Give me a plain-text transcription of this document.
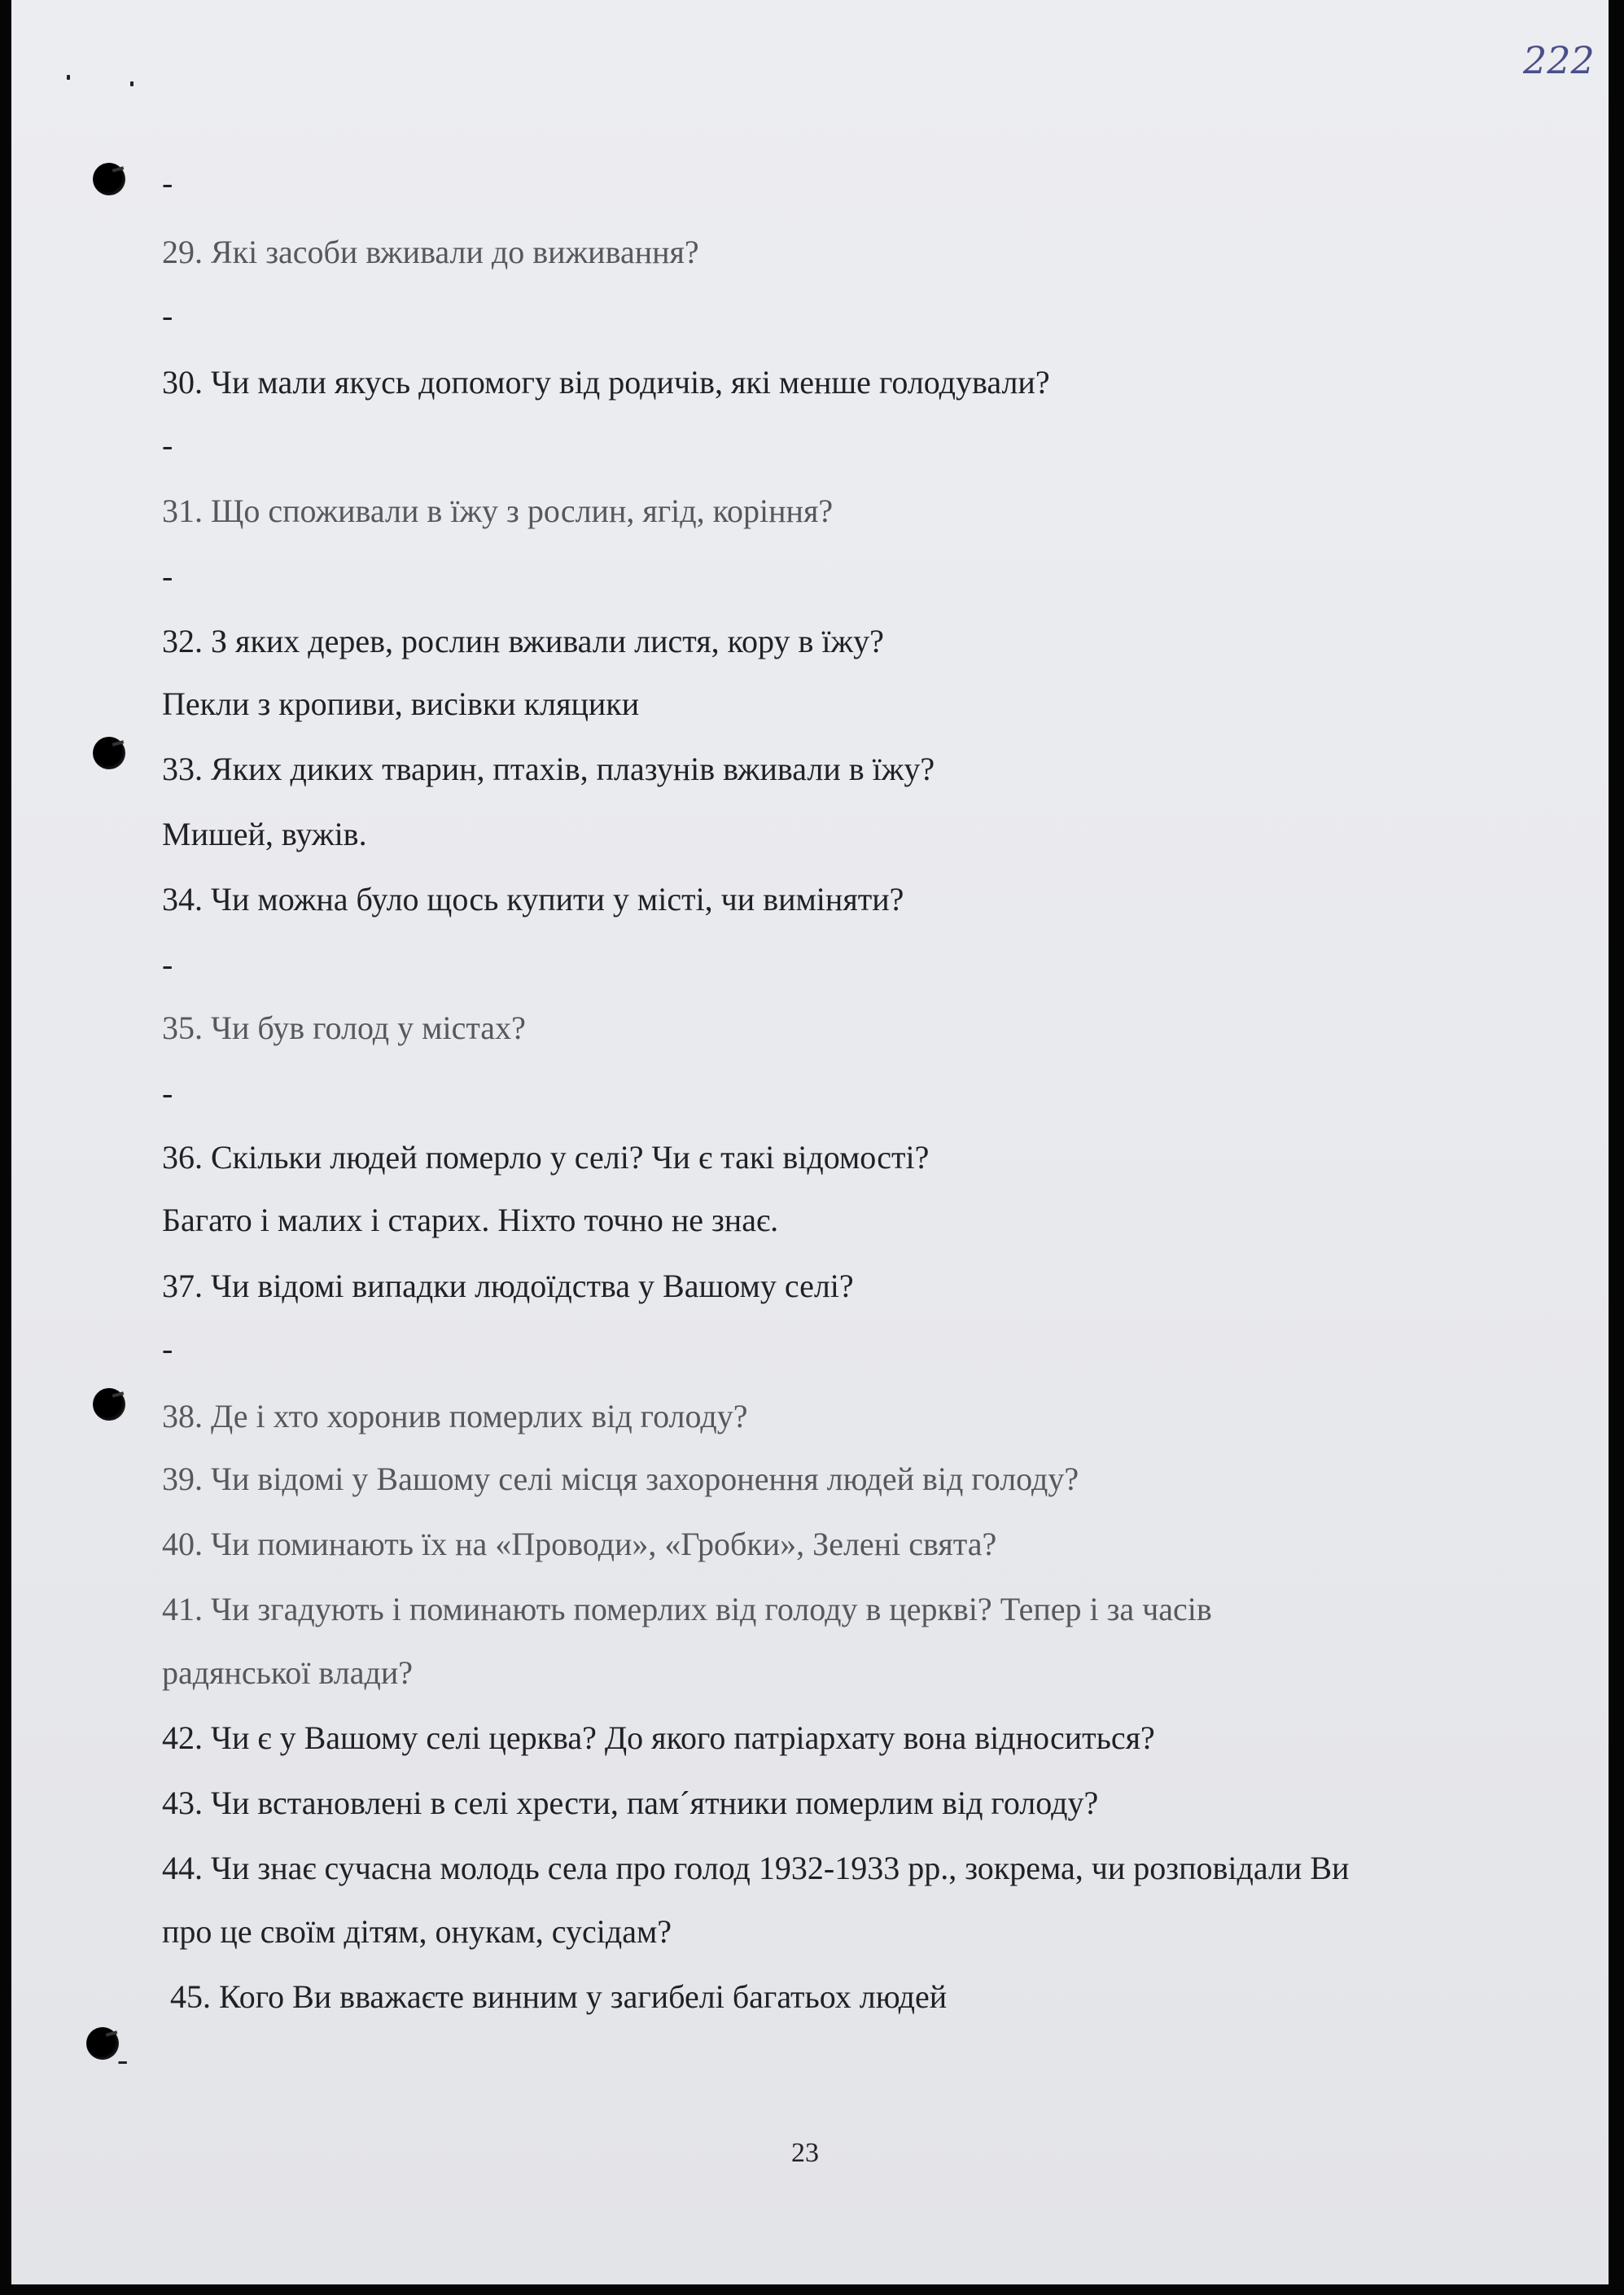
222
-
29. Які засоби вживали до виживання?
-
30. Чи мали якусь допомогу від родичів, які менше голодували?
-
31. Що споживали в їжу з рослин, ягід, коріння?
-
32. З яких дерев, рослин вживали листя, кору в їжу?
Пекли з кропиви, висівки кляцики
33. Яких диких тварин, птахів, плазунів вживали в їжу?
Мишей, вужів.
34. Чи можна було щось купити у місті, чи виміняти?
-
35. Чи був голод у містах?
-
36. Скільки людей померло у селі? Чи є такі відомості?
Багато і малих і старих. Ніхто точно не знає.
37. Чи відомі випадки людоїдства у Вашому селі?
-
38. Де і хто хоронив померлих від голоду?
39. Чи відомі у Вашому селі місця захоронення людей від голоду?
40. Чи поминають їх на «Проводи», «Гробки», Зелені свята?
41. Чи згадують і поминають померлих від голоду в церкві? Тепер і за часів
радянської влади?
42. Чи є у Вашому селі церква? До якого патріархату вона відноситься?
43. Чи встановлені в селі хрести, пам´ятники померлим від голоду?
44. Чи знає сучасна молодь села про голод 1932-1933 рр., зокрема, чи розповідали Ви
про це своїм дітям, онукам, сусідам?
45. Кого Ви вважаєте винним у загибелі багатьох людей
-
23
